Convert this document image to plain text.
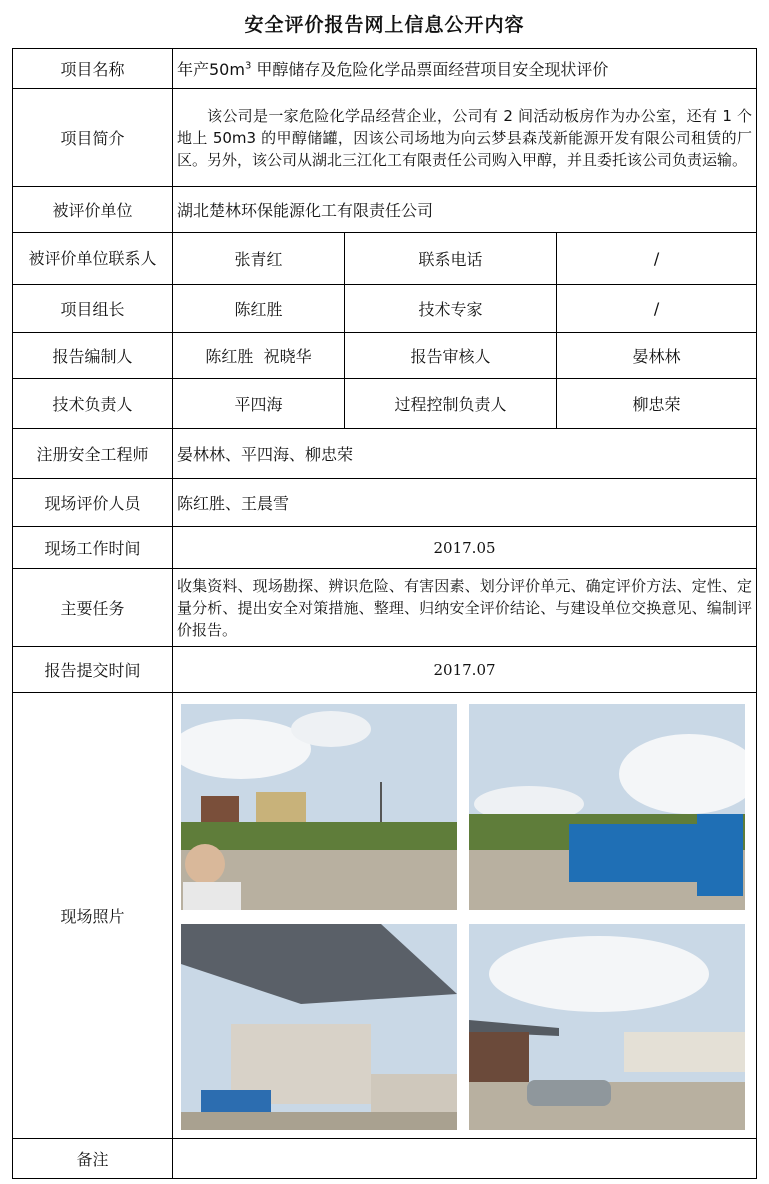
安全评价报告网上信息公开内容
项目名称	年产$50m^3$ 甲醇储存及危险化学品票面经营项目安全现状评价		
项目简介	该公司是一家危险化学品经营企业，公司有 2 间活动板房作为办公室，还有 1 个地上 50m3 的甲醇储罐，因该公司场地为向云梦县森茂新能源开发有限公司租赁的厂区。另外，该公司从湖北三江化工有限责任公司购入甲醇，并且委托该公司负责运输。		
被评价单位	湖北楚林环保能源化工有限责任公司		
被评价单位联系人	张青红	联系电话	/
项目组长	陈红胜	技术专家	/
报告编制人	陈红胜  祝晓华	报告审核人	晏林林
技术负责人	平四海	过程控制负责人	柳忠荣
注册安全工程师	晏林林、平四海、柳忠荣		
现场评价人员	陈红胜、王晨雪		
现场工作时间	2017.05		
主要任务	收集资料、现场勘探、辨识危险、有害因素、划分评价单元、确定评价方法、定性、定量分析、提出安全对策措施、整理、归纳安全评价结论、与建设单位交换意见、编制评价报告。		
报告提交时间	2017.07		
现场照片	

备注			
